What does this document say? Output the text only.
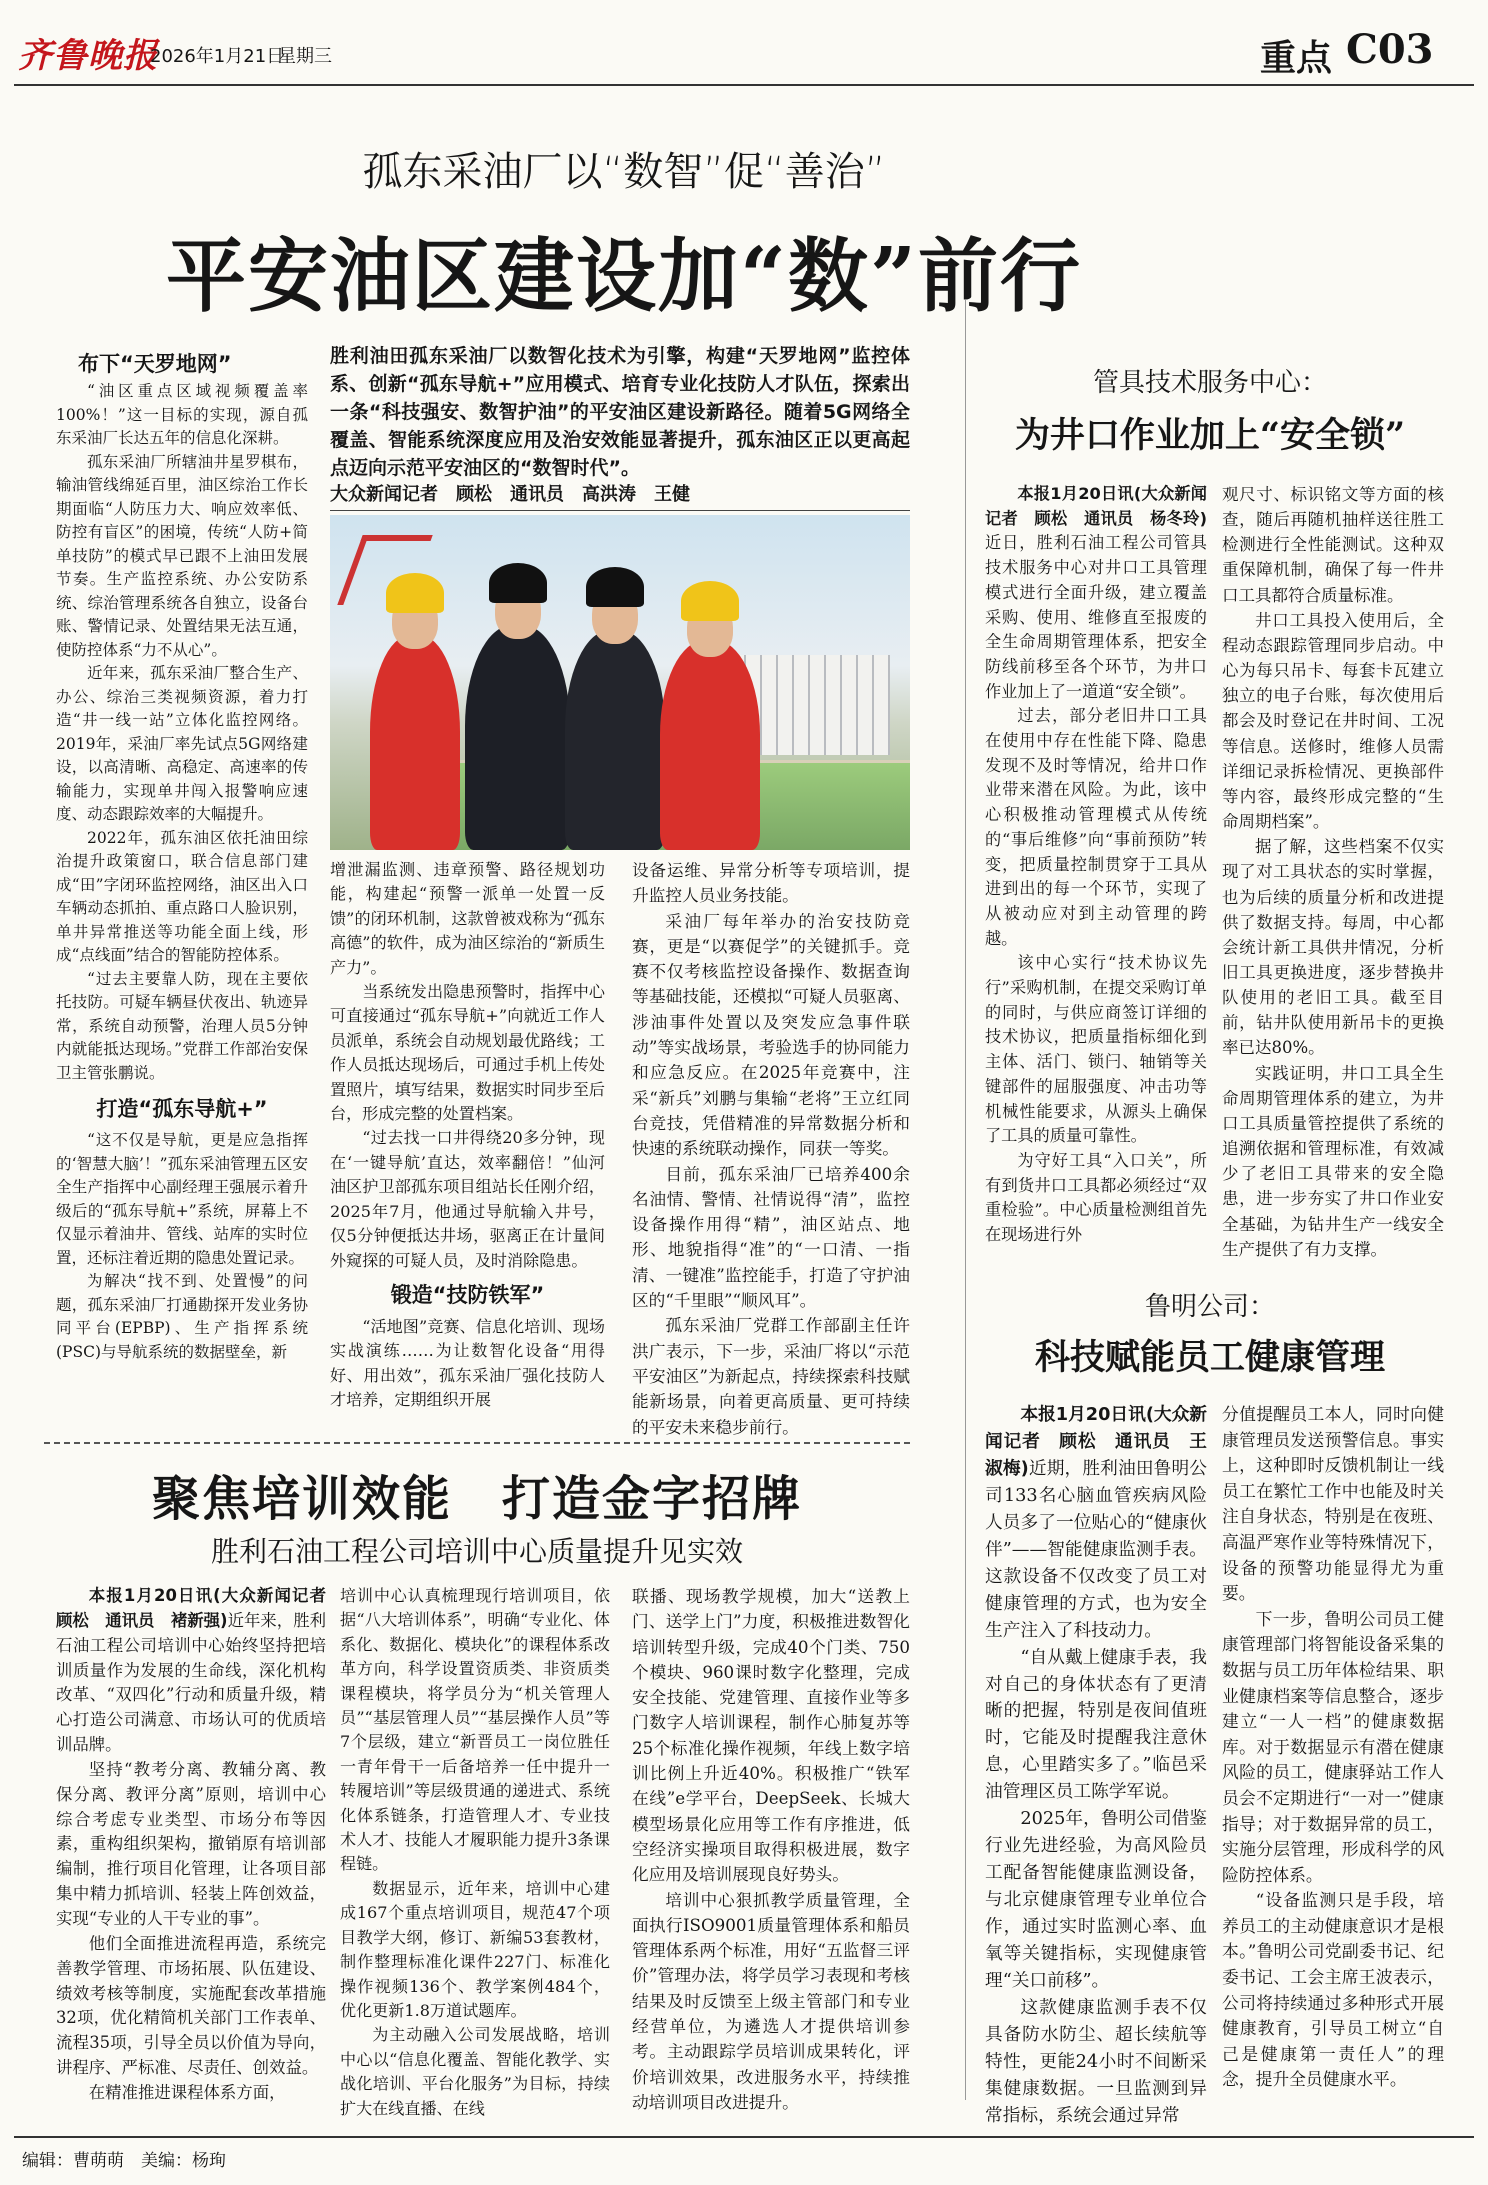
齐鲁晚报
2026年1月21日
星期三	重点 C03
孤东采油厂以“数智”促“善治”
平安油区建设加“数”前行
布下“天罗地网”

“油区重点区域视频覆盖率100%！”这一目标的实现，源自孤东采油厂长达五年的信息化深耕。

孤东采油厂所辖油井星罗棋布，输油管线绵延百里，油区综治工作长期面临“人防压力大、响应效率低、防控有盲区”的困境，传统“人防+简单技防”的模式早已跟不上油田发展节奏。生产监控系统、办公安防系统、综治管理系统各自独立，设备台账、警情记录、处置结果无法互通，使防控体系“力不从心”。

近年来，孤东采油厂整合生产、办公、综治三类视频资源，着力打造“井一线一站”立体化监控网络。2019年，采油厂率先试点5G网络建设，以高清晰、高稳定、高速率的传输能力，实现单井闯入报警响应速度、动态跟踪效率的大幅提升。

2022年，孤东油区依托油田综治提升政策窗口，联合信息部门建成“田”字闭环监控网络，油区出入口车辆动态抓拍、重点路口人脸识别，单井异常推送等功能全面上线，形成“点线面”结合的智能防控体系。

“过去主要靠人防，现在主要依托技防。可疑车辆昼伏夜出、轨迹异常，系统自动预警，治理人员5分钟内就能抵达现场。”党群工作部治安保卫主管张鹏说。

打造“孤东导航+”

“这不仅是导航，更是应急指挥的‘智慧大脑’！”孤东采油管理五区安全生产指挥中心副经理王强展示着升级后的“孤东导航+”系统，屏幕上不仅显示着油井、管线、站库的实时位置，还标注着近期的隐患处置记录。

为解决“找不到、处置慢”的问题，孤东采油厂打通勘探开发业务协同平台(EPBP)、生产指挥系统(PSC)与导航系统的数据壁垒，新

胜利油田孤东采油厂以数智化技术为引擎，构建“天罗地网”监控体系、创新“孤东导航+”应用模式、培育专业化技防人才队伍，探索出一条“科技强安、数智护油”的平安油区建设新路径。随着5G网络全覆盖、智能系统深度应用及治安效能显著提升，孤东油区正以更高起点迈向示范平安油区的“数智时代”。
大众新闻记者　顾松　通讯员　高洪涛　王健

增泄漏监测、违章预警、路径规划功能，构建起“预警一派单一处置一反馈”的闭环机制，这款曾被戏称为“孤东高德”的软件，成为油区综治的“新质生产力”。

当系统发出隐患预警时，指挥中心可直接通过“孤东导航+”向就近工作人员派单，系统会自动规划最优路线；工作人员抵达现场后，可通过手机上传处置照片，填写结果，数据实时同步至后台，形成完整的处置档案。

“过去找一口井得绕20多分钟，现在‘一键导航’直达，效率翻倍！”仙河油区护卫部孤东项目组站长任刚介绍，2025年7月，他通过导航输入井号，仅5分钟便抵达井场，驱离正在计量间外窥探的可疑人员，及时消除隐患。

锻造“技防铁军”

“活地图”竞赛、信息化培训、现场实战演练……为让数智化设备“用得好、用出效”，孤东采油厂强化技防人才培养，定期组织开展

设备运维、异常分析等专项培训，提升监控人员业务技能。

采油厂每年举办的治安技防竞赛，更是“以赛促学”的关键抓手。竞赛不仅考核监控设备操作、数据查询等基础技能，还模拟“可疑人员驱离、涉油事件处置以及突发应急事件联动”等实战场景，考验选手的协同能力和应急反应。在2025年竞赛中，注采“新兵”刘鹏与集输“老将”王立红同台竞技，凭借精准的异常数据分析和快速的系统联动操作，同获一等奖。

目前，孤东采油厂已培养400余名油情、警情、社情说得“清”，监控设备操作用得“精”，油区站点、地形、地貌指得“准”的“一口清、一指清、一键准”监控能手，打造了守护油区的“千里眼”“顺风耳”。

孤东采油厂党群工作部副主任许洪广表示，下一步，采油厂将以“示范平安油区”为新起点，持续探索科技赋能新场景，向着更高质量、更可持续的平安未来稳步前行。

管具技术服务中心：
为井口作业加上“安全锁”

本报1月20日讯(大众新闻记者　顾松　通讯员　杨冬玲)近日，胜利石油工程公司管具技术服务中心对井口工具管理模式进行全面升级，建立覆盖采购、使用、维修直至报废的全生命周期管理体系，把安全防线前移至各个环节，为井口作业加上了一道道“安全锁”。

过去，部分老旧井口工具在使用中存在性能下降、隐患发现不及时等情况，给井口作业带来潜在风险。为此，该中心积极推动管理模式从传统的“事后维修”向“事前预防”转变，把质量控制贯穿于工具从进到出的每一个环节，实现了从被动应对到主动管理的跨越。

该中心实行“技术协议先行”采购机制，在提交采购订单的同时，与供应商签订详细的技术协议，把质量指标细化到主体、活门、锁闩、轴销等关键部件的屈服强度、冲击功等机械性能要求，从源头上确保了工具的质量可靠性。

为守好工具“入口关”，所有到货井口工具都必须经过“双重检验”。中心质量检测组首先在现场进行外

观尺寸、标识铭文等方面的核查，随后再随机抽样送往胜工检测进行全性能测试。这种双重保障机制，确保了每一件井口工具都符合质量标准。

井口工具投入使用后，全程动态跟踪管理同步启动。中心为每只吊卡、每套卡瓦建立独立的电子台账，每次使用后都会及时登记在井时间、工况等信息。送修时，维修人员需详细记录拆检情况、更换部件等内容，最终形成完整的“生命周期档案”。

据了解，这些档案不仅实现了对工具状态的实时掌握，也为后续的质量分析和改进提供了数据支持。每周，中心都会统计新工具供井情况，分析旧工具更换进度，逐步替换井队使用的老旧工具。截至目前，钻井队使用新吊卡的更换率已达80%。

实践证明，井口工具全生命周期管理体系的建立，为井口工具质量管控提供了系统的追溯依据和管理标准，有效减少了老旧工具带来的安全隐患，进一步夯实了井口作业安全基础，为钻井生产一线安全生产提供了有力支撑。

鲁明公司：
科技赋能员工健康管理

本报1月20日讯(大众新闻记者　顾松　通讯员　王淑梅)近期，胜利油田鲁明公司133名心脑血管疾病风险人员多了一位贴心的“健康伙伴”——智能健康监测手表。这款设备不仅改变了员工对健康管理的方式，也为安全生产注入了科技动力。

“自从戴上健康手表，我对自己的身体状态有了更清晰的把握，特别是夜间值班时，它能及时提醒我注意休息，心里踏实多了。”临邑采油管理区员工陈学军说。

2025年，鲁明公司借鉴行业先进经验，为高风险员工配备智能健康监测设备，与北京健康管理专业单位合作，通过实时监测心率、血氧等关键指标，实现健康管理“关口前移”。

这款健康监测手表不仅具备防水防尘、超长续航等特性，更能24小时不间断采集健康数据。一旦监测到异常指标，系统会通过异常

分值提醒员工本人，同时向健康管理员发送预警信息。事实上，这种即时反馈机制让一线员工在繁忙工作中也能及时关注自身状态，特别是在夜班、高温严寒作业等特殊情况下，设备的预警功能显得尤为重要。

下一步，鲁明公司员工健康管理部门将智能设备采集的数据与员工历年体检结果、职业健康档案等信息整合，逐步建立“一人一档”的健康数据库。对于数据显示有潜在健康风险的员工，健康驿站工作人员会不定期进行“一对一”健康指导；对于数据异常的员工，实施分层管理，形成科学的风险防控体系。

“设备监测只是手段，培养员工的主动健康意识才是根本。”鲁明公司党副委书记、纪委书记、工会主席王波表示，公司将持续通过多种形式开展健康教育，引导员工树立“自己是健康第一责任人”的理念，提升全员健康水平。

聚焦培训效能　打造金字招牌
胜利石油工程公司培训中心质量提升见实效

本报1月20日讯(大众新闻记者　顾松　通讯员　褚新强)近年来，胜利石油工程公司培训中心始终坚持把培训质量作为发展的生命线，深化机构改革、“双四化”行动和质量升级，精心打造公司满意、市场认可的优质培训品牌。

坚持“教考分离、教辅分离、教保分离、教评分离”原则，培训中心综合考虑专业类型、市场分布等因素，重构组织架构，撤销原有培训部编制，推行项目化管理，让各项目部集中精力抓培训、轻装上阵创效益，实现“专业的人干专业的事”。

他们全面推进流程再造，系统完善教学管理、市场拓展、队伍建设、绩效考核等制度，实施配套改革措施32项，优化精简机关部门工作表单、流程35项，引导全员以价值为导向，讲程序、严标准、尽责任、创效益。

在精准推进课程体系方面，

培训中心认真梳理现行培训项目，依据“八大培训体系”，明确“专业化、体系化、数据化、模块化”的课程体系改革方向，科学设置资质类、非资质类课程模块，将学员分为“机关管理人员”“基层管理人员”“基层操作人员”等7个层级，建立“新晋员工一岗位胜任一青年骨干一后备培养一任中提升一转履培训”等层级贯通的递进式、系统化体系链条，打造管理人才、专业技术人才、技能人才履职能力提升3条课程链。

数据显示，近年来，培训中心建成167个重点培训项目，规范47个项目教学大纲，修订、新编53套教材，制作整理标准化课件227门、标准化操作视频136个、教学案例484个，优化更新1.8万道试题库。

为主动融入公司发展战略，培训中心以“信息化覆盖、智能化教学、实战化培训、平台化服务”为目标，持续扩大在线直播、在线

联播、现场教学规模，加大“送教上门、送学上门”力度，积极推进数智化培训转型升级，完成40个门类、750个模块、960课时数字化整理，完成安全技能、党建管理、直接作业等多门数字人培训课程，制作心肺复苏等25个标准化操作视频，年线上数字培训比例上升近40%。积极推广“铁军在线”e学平台，DeepSeek、长城大模型场景化应用等工作有序推进，低空经济实操项目取得积极进展，数字化应用及培训展现良好势头。

培训中心狠抓教学质量管理，全面执行ISO9001质量管理体系和船员管理体系两个标准，用好“五监督三评价”管理办法，将学员学习表现和考核结果及时反馈至上级主管部门和专业经营单位，为遴选人才提供培训参考。主动跟踪学员培训成果转化，评价培训效果，改进服务水平，持续推动培训项目改进提升。

编辑：曹萌萌　美编：杨珣
